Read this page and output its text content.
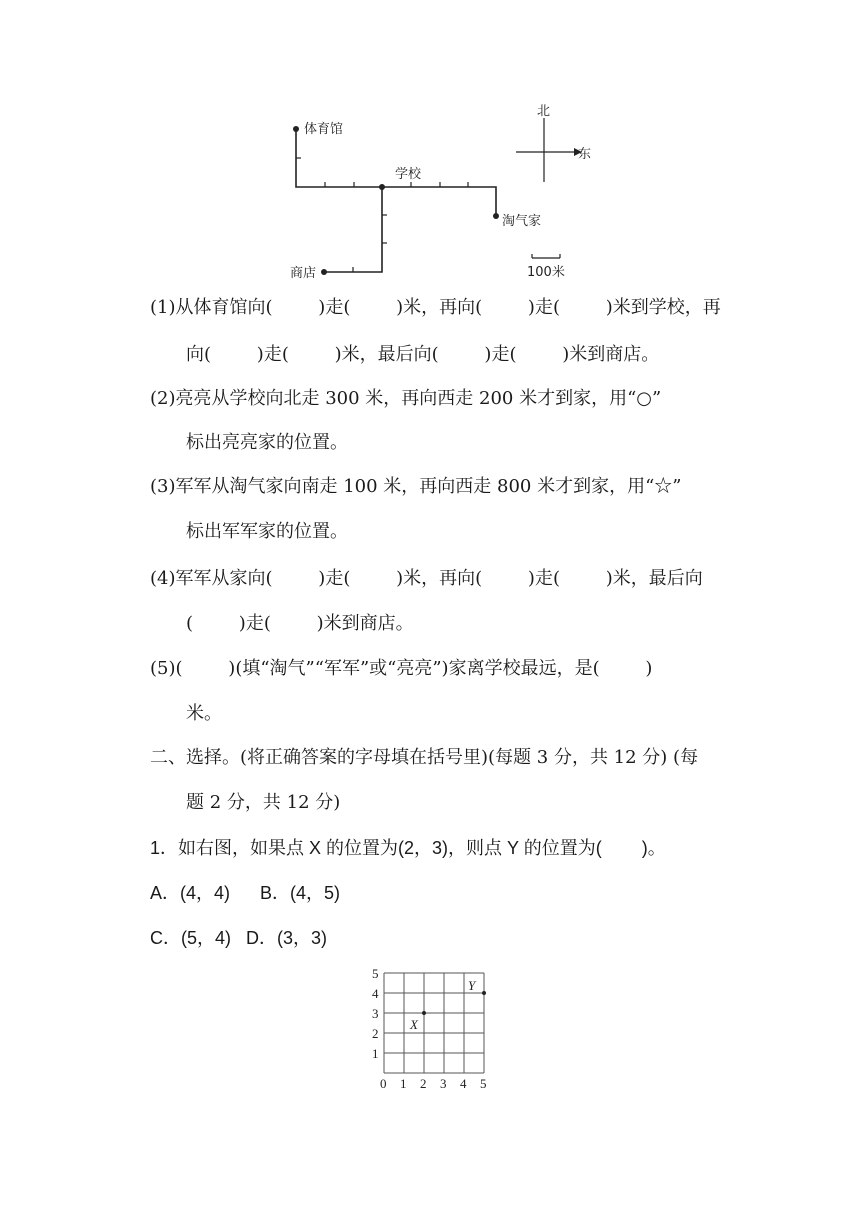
体育馆
学校
淘气家
商店
北
东
100米
(1)从体育馆向(        )走(        )米，再向(        )走(        )米到学校，再
向(        )走(        )米，最后向(        )走(        )米到商店。
(2)亮亮从学校向北走 300 米，再向西走 200 米才到家，用“○”
标出亮亮家的位置。
(3)军军从淘气家向南走 100 米，再向西走 800 米才到家，用“☆”
标出军军家的位置。
(4)军军从家向(        )走(        )米，再向(        )走(        )米，最后向
(        )走(        )米到商店。
(5)(        )(填“淘气”“军军”或“亮亮”)家离学校最远，是(        )
米。
二、选择。(将正确答案的字母填在括号里)(每题 3 分，共 12 分) (每
题 2 分，共 12 分)
1．如右图，如果点 X 的位置为(2，3)，则点 Y 的位置为(        )。
A．(4，4)      B．(4，5)
C．(5，4)   D．(3，3)
0 1 2 3 4 5
1
2
3
4
5
X
Y
